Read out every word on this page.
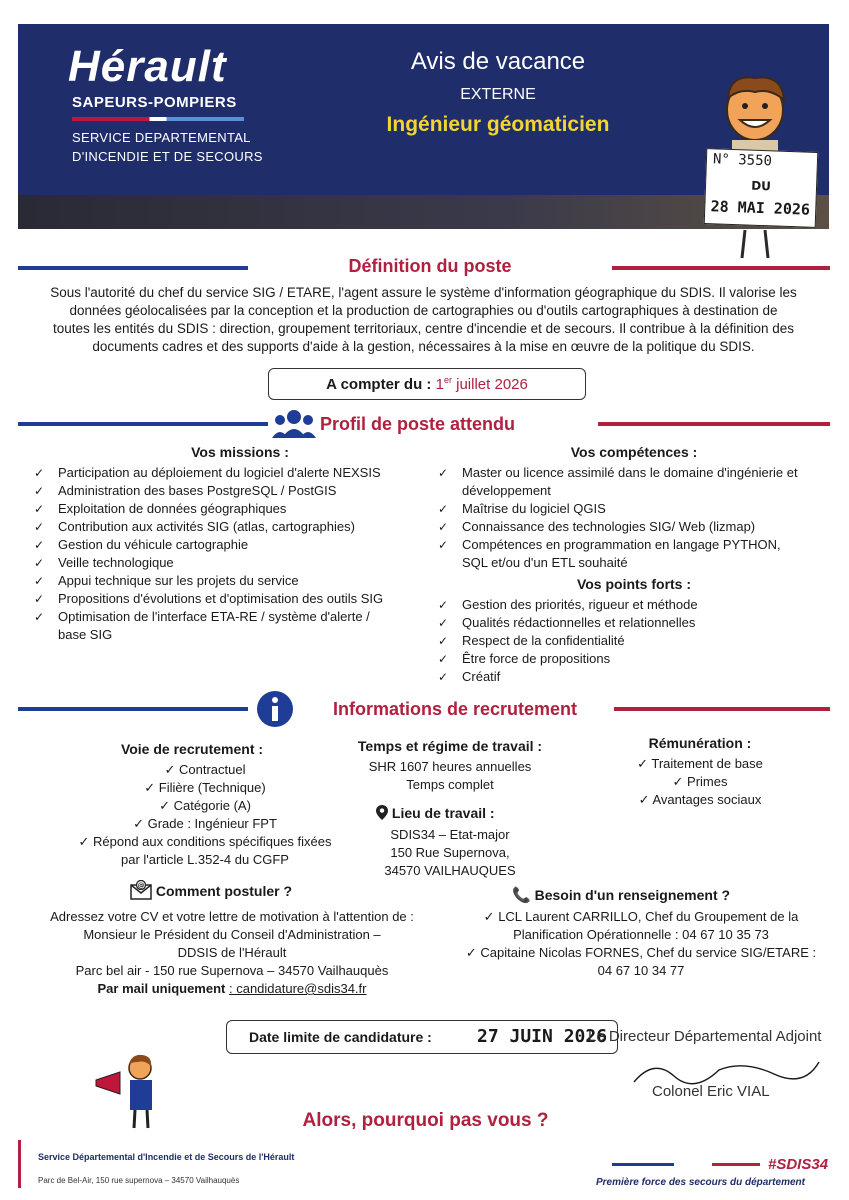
Hérault
SAPEURS-POMPIERS
SERVICE DEPARTEMENTAL
D'INCENDIE ET DE SECOURS
Avis de vacance
EXTERNE
Ingénieur géomaticien
N° 3550
DU
28 MAI 2026
Définition du poste
Sous l'autorité du chef du service SIG / ETARE, l'agent assure le système d'information géographique du SDIS. Il valorise les
données géolocalisées par la conception et la production de cartographies ou d'outils cartographiques à destination de
toutes les entités du SDIS : direction, groupement territoriaux, centre d'incendie et de secours. Il contribue à la définition des
documents cadres et des supports d'aide à la gestion, nécessaires à la mise en œuvre de la politique du SDIS.
A compter du : 1er juillet 2026
Profil de poste attendu
Vos missions :
✓ Participation au déploiement du logiciel d'alerte NEXSIS
✓ Administration des bases PostgreSQL / PostGIS
✓ Exploitation de données géographiques
✓ Contribution aux activités SIG (atlas, cartographies)
✓ Gestion du véhicule cartographie
✓ Veille technologique
✓ Appui technique sur les projets du service
✓ Propositions d'évolutions et d'optimisation des outils SIG
✓ Optimisation de l'interface ETA-RE / système d'alerte /
base SIG
Vos compétences :
✓ Master ou licence assimilé dans le domaine d'ingénierie et
développement
✓ Maîtrise du logiciel QGIS
✓ Connaissance des technologies SIG/ Web (lizmap)
✓ Compétences en programmation en langage PYTHON,
SQL et/ou d'un ETL souhaité
Vos points forts :
✓ Gestion des priorités, rigueur et méthode
✓ Qualités rédactionnelles et relationnelles
✓ Respect de la confidentialité
✓ Être force de propositions
✓ Créatif
Informations de recrutement
Voie de recrutement :
✓ Contractuel
✓ Filière (Technique)
✓ Catégorie (A)
✓ Grade : Ingénieur FPT
✓ Répond aux conditions spécifiques fixées
par l'article L.352-4 du CGFP
Temps et régime de travail :
SHR 1607 heures annuelles
Temps complet
Lieu de travail :
SDIS34 – Etat-major
150 Rue Supernova,
34570 VAILHAUQUES
Rémunération :
✓ Traitement de base
✓ Primes
✓ Avantages sociaux
@ Comment postuler ?
Adressez votre CV et votre lettre de motivation à l'attention de :
Monsieur le Président du Conseil d'Administration –
DDSIS de l'Hérault
Parc bel air - 150 rue Supernova – 34570 Vailhauquès
Par mail uniquement : candidature@sdis34.fr
📞 Besoin d'un renseignement ?
✓ LCL Laurent CARRILLO, Chef du Groupement de la
Planification Opérationnelle : 04 67 10 35 73
✓ Capitaine Nicolas FORNES, Chef du service SIG/ETARE :
04 67 10 34 77
Date limite de candidature :	27 JUIN 2026
Le Directeur Départemental Adjoint
Colonel Eric VIAL
Alors, pourquoi pas vous ?
Service Départemental d'Incendie et de Secours de l'Hérault
Parc de Bel-Air, 150 rue supernova – 34570 Vailhauquès
#SDIS34
Première force des secours du département
